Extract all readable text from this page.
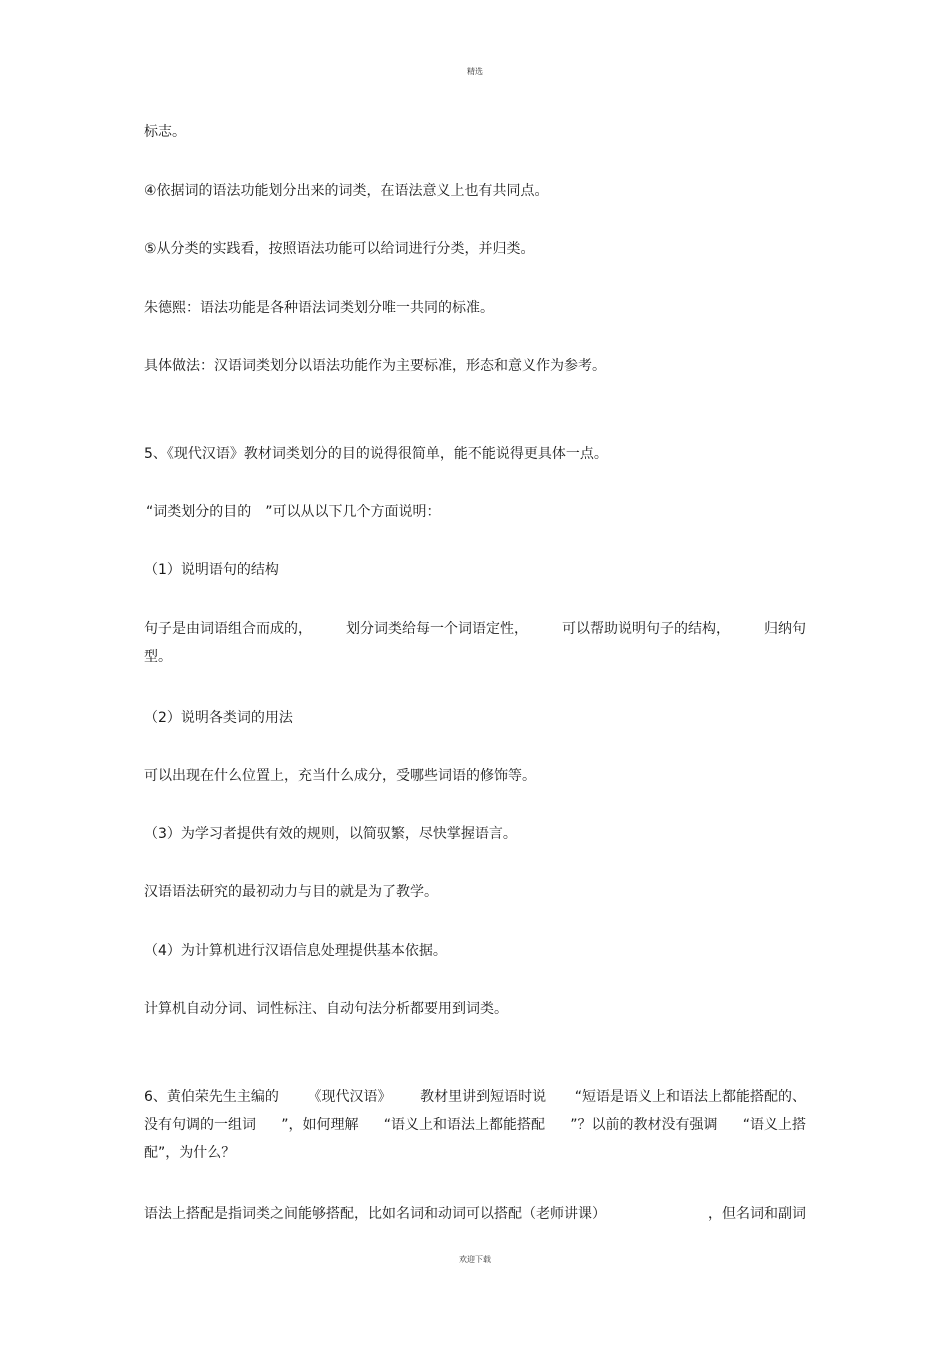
精选
标志。
④依据词的语法功能划分出来的词类，在语法意义上也有共同点。
⑤从分类的实践看，按照语法功能可以给词进行分类，并归类。
朱德熙：语法功能是各种语法词类划分唯一共同的标准。
具体做法：汉语词类划分以语法功能作为主要标准，形态和意义作为参考。
5、《现代汉语》教材词类划分的目的说得很简单，能不能说得更具体一点。
“词类划分的目的 ”可以从以下几个方面说明：
（1）说明语句的结构
句子是由词语组合而成的， 划分词类给每一个词语定性， 可以帮助说明句子的结构， 归纳句
型。
（2）说明各类词的用法
可以出现在什么位置上，充当什么成分，受哪些词语的修饰等。
（3）为学习者提供有效的规则，以简驭繁，尽快掌握语言。
汉语语法研究的最初动力与目的就是为了教学。
（4）为计算机进行汉语信息处理提供基本依据。
计算机自动分词、词性标注、自动句法分析都要用到词类。
6、黄伯荣先生主编的 《现代汉语》 教材里讲到短语时说 “短语是语义上和语法上都能搭配的、
没有句调的一组词 ”，如何理解 “语义上和语法上都能搭配 ”？以前的教材没有强调 “语义上搭
配”，为什么？
语法上搭配是指词类之间能够搭配，比如名词和动词可以搭配（老师讲课）	，但名词和副词
欢迎下载
